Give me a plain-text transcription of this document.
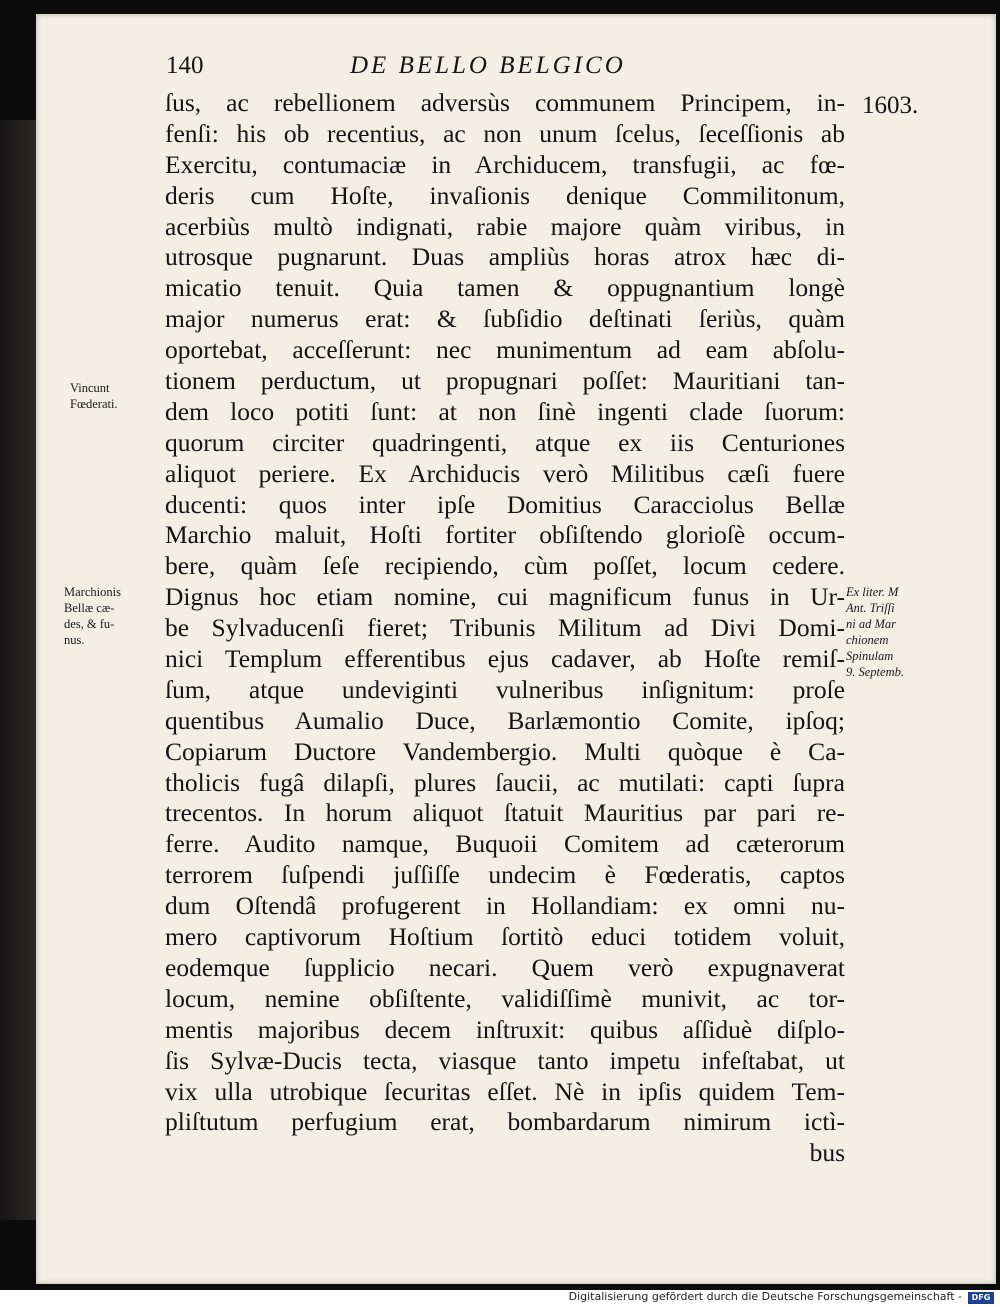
140	DE BELLO BELGICO
1603.
ſus, ac rebellionem adversùs communem Principem, in-
fenſi: his ob recentius, ac non unum ſcelus, ſeceſſionis ab
Exercitu, contumaciæ in Archiducem, transfugii, ac fœ-
deris cum Hoſte, invaſionis denique Commilitonum,
acerbiùs multò indignati, rabie majore quàm viribus, in
utrosque pugnarunt. Duas ampliùs horas atrox hæc di-
micatio tenuit. Quia tamen & oppugnantium longè
major numerus erat: & ſubſidio deſtinati ſeriùs, quàm
oportebat, acceſſerunt: nec munimentum ad eam abſolu-
tionem perductum, ut propugnari poſſet: Mauritiani tan-
dem loco potiti ſunt: at non ſinè ingenti clade ſuorum:
quorum circiter quadringenti, atque ex iis Centuriones
aliquot periere. Ex Archiducis verò Militibus cæſi fuere
ducenti: quos inter ipſe Domitius Caracciolus Bellæ
Marchio maluit, Hoſti fortiter obſiſtendo glorioſè occum-
bere, quàm ſeſe recipiendo, cùm poſſet, locum cedere.
Dignus hoc etiam nomine, cui magnificum funus in Ur-
be Sylvaducenſi fieret; Tribunis Militum ad Divi Domi-
nici Templum efferentibus ejus cadaver, ab Hoſte remiſ-
ſum, atque undeviginti vulneribus inſignitum: proſe
quentibus Aumalio Duce, Barlæmontio Comite, ipſoq;
Copiarum Ductore Vandembergio. Multi quòque è Ca-
tholicis fugâ dilapſi, plures ſaucii, ac mutilati: capti ſupra
trecentos. In horum aliquot ſtatuit Mauritius par pari re-
ferre. Audito namque, Buquoii Comitem ad cæterorum
terrorem ſuſpendi juſſiſſe undecim è Fœderatis, captos
dum Oſtendâ profugerent in Hollandiam: ex omni nu-
mero captivorum Hoſtium ſortitò educi totidem voluit,
eodemque ſupplicio necari. Quem verò expugnaverat
locum, nemine obſiſtente, validiſſimè munivit, ac tor-
mentis majoribus decem inſtruxit: quibus aſſiduè diſplo-
ſis Sylvæ-Ducis tecta, viasque tanto impetu infeſtabat, ut
vix ulla utrobique ſecuritas eſſet. Nè in ipſis quidem Tem-
pliſtutum perfugium erat, bombardarum nimirum ictì-
bus
Vincunt
Fœderati.
Marchionis
Bellæ cæ-
des, & fu-
nus.
Ex liter. M
Ant. Triſſi
ni ad Mar
chionem
Spinulam
9. Septemb.
Digitalisierung gefördert durch die Deutsche Forschungsgemeinschaft -	DFG
